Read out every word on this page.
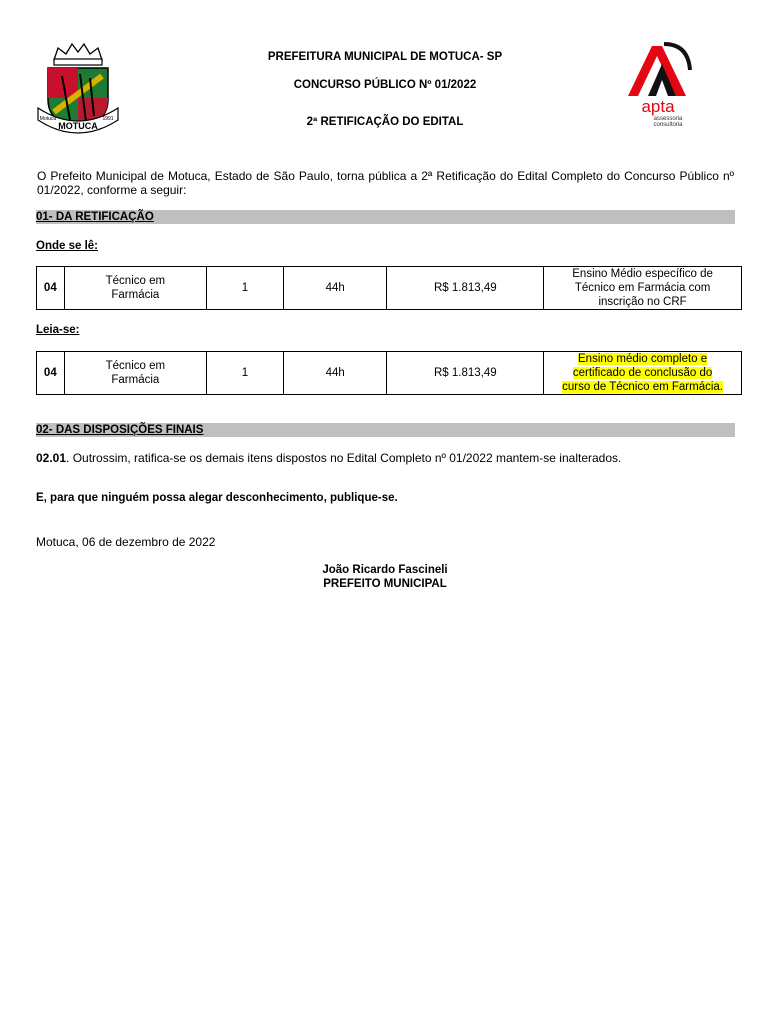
MOTUCA
Motuca	1991
apta
assessoria
consultoria
PREFEITURA MUNICIPAL DE MOTUCA- SP
CONCURSO PÚBLICO Nº 01/2022
2ª RETIFICAÇÃO DO EDITAL
O Prefeito Municipal de Motuca, Estado de São Paulo, torna pública a 2ª Retificação do Edital Completo do Concurso Público nº 01/2022, conforme a seguir:
01- DA RETIFICAÇÃO
Onde se lê:
04	Técnico em
Farmácia	1	44h	R$ 1.813,49	Ensino Médio específico de
Técnico em Farmácia com
inscrição no CRF
Leia-se:
04	Técnico em
Farmácia	1	44h	R$ 1.813,49	Ensino médio completo e
certificado de conclusão do
curso de Técnico em Farmácia.
02- DAS DISPOSIÇÕES FINAIS
02.01. Outrossim, ratifica-se os demais itens dispostos no Edital Completo nº 01/2022 mantem-se inalterados.
E, para que ninguém possa alegar desconhecimento, publique-se.
Motuca, 06 de dezembro de 2022
João Ricardo Fascineli
PREFEITO MUNICIPAL
